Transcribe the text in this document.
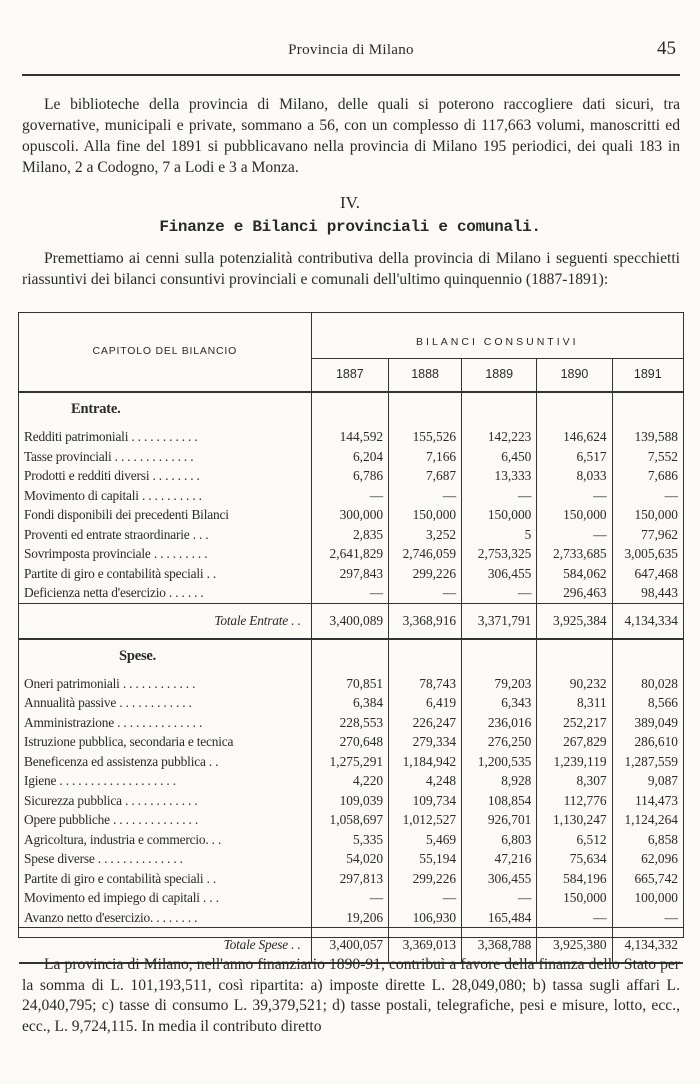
Provincia di Milano	45

Le biblioteche della provincia di Milano, delle quali si poterono raccogliere dati sicuri, tra governative, municipali e private, sommano a 56, con un complesso di 117,663 volumi, manoscritti ed opuscoli. Alla fine del 1891 si pubblicavano nella provincia di Milano 195 periodici, dei quali 183 in Milano, 2 a Codogno, 7 a Lodi e 3 a Monza.

IV.
Finanze e Bilanci provinciali e comunali.

Premettiamo ai cenni sulla potenzialità contributiva della provincia di Milano i seguenti specchietti riassuntivi dei bilanci consuntivi provinciali e comunali dell'ultimo quinquennio (1887-1891):

CAPITOLO DEL BILANCIO	BILANCI CONSUNTIVI				
	1887	1888	1889	1890	1891
Entrate.					
Redditi patrimoniali . . . . . . . . . . .	144,592	155,526	142,223	146,624	139,588
Tasse provinciali . . . . . . . . . . . . .	6,204	7,166	6,450	6,517	7,552
Prodotti e redditi diversi . . . . . . . .	6,786	7,687	13,333	8,033	7,686
Movimento di capitali . . . . . . . . . .	—	—	—	—	—
Fondi disponibili dei precedenti Bilanci	300,000	150,000	150,000	150,000	150,000
Proventi ed entrate straordinarie . . .	2,835	3,252	5	—	77,962
Sovrimposta provinciale . . . . . . . . .	2,641,829	2,746,059	2,753,325	2,733,685	3,005,635
Partite di giro e contabilità speciali . .	297,843	299,226	306,455	584,062	647,468
Deficienza netta d'esercizio . . . . . .	—	—	—	296,463	98,443
Totale Entrate . .	3,400,089	3,368,916	3,371,791	3,925,384	4,134,334
Spese.					
Oneri patrimoniali . . . . . . . . . . . .	70,851	78,743	79,203	90,232	80,028
Annualità passive . . . . . . . . . . . .	6,384	6,419	6,343	8,311	8,566
Amministrazione . . . . . . . . . . . . . .	228,553	226,247	236,016	252,217	389,049
Istruzione pubblica, secondaria e tecnica	270,648	279,334	276,250	267,829	286,610
Beneficenza ed assistenza pubblica . .	1,275,291	1,184,942	1,200,535	1,239,119	1,287,559
Igiene . . . . . . . . . . . . . . . . . . .	4,220	4,248	8,928	8,307	9,087
Sicurezza pubblica . . . . . . . . . . . .	109,039	109,734	108,854	112,776	114,473
Opere pubbliche . . . . . . . . . . . . . .	1,058,697	1,012,527	926,701	1,130,247	1,124,264
Agricoltura, industria e commercio. . .	5,335	5,469	6,803	6,512	6,858
Spese diverse . . . . . . . . . . . . . .	54,020	55,194	47,216	75,634	62,096
Partite di giro e contabilità speciali . .	297,813	299,226	306,455	584,196	665,742
Movimento ed impiego di capitali . . .	—	—	—	150,000	100,000
Avanzo netto d'esercizio. . . . . . . .	19,206	106,930	165,484	—	—
Totale Spese . .	3,400,057	3,369,013	3,368,788	3,925,380	4,134,332

La provincia di Milano, nell'anno finanziario 1890-91, contribuì a favore della finanza dello Stato per la somma di L. 101,193,511, così ripartita: a) imposte dirette L. 28,049,080; b) tassa sugli affari L. 24,040,795; c) tasse di consumo L. 39,379,521; d) tasse postali, telegrafiche, pesi e misure, lotto, ecc., ecc., L. 9,724,115. In media il contributo diretto
